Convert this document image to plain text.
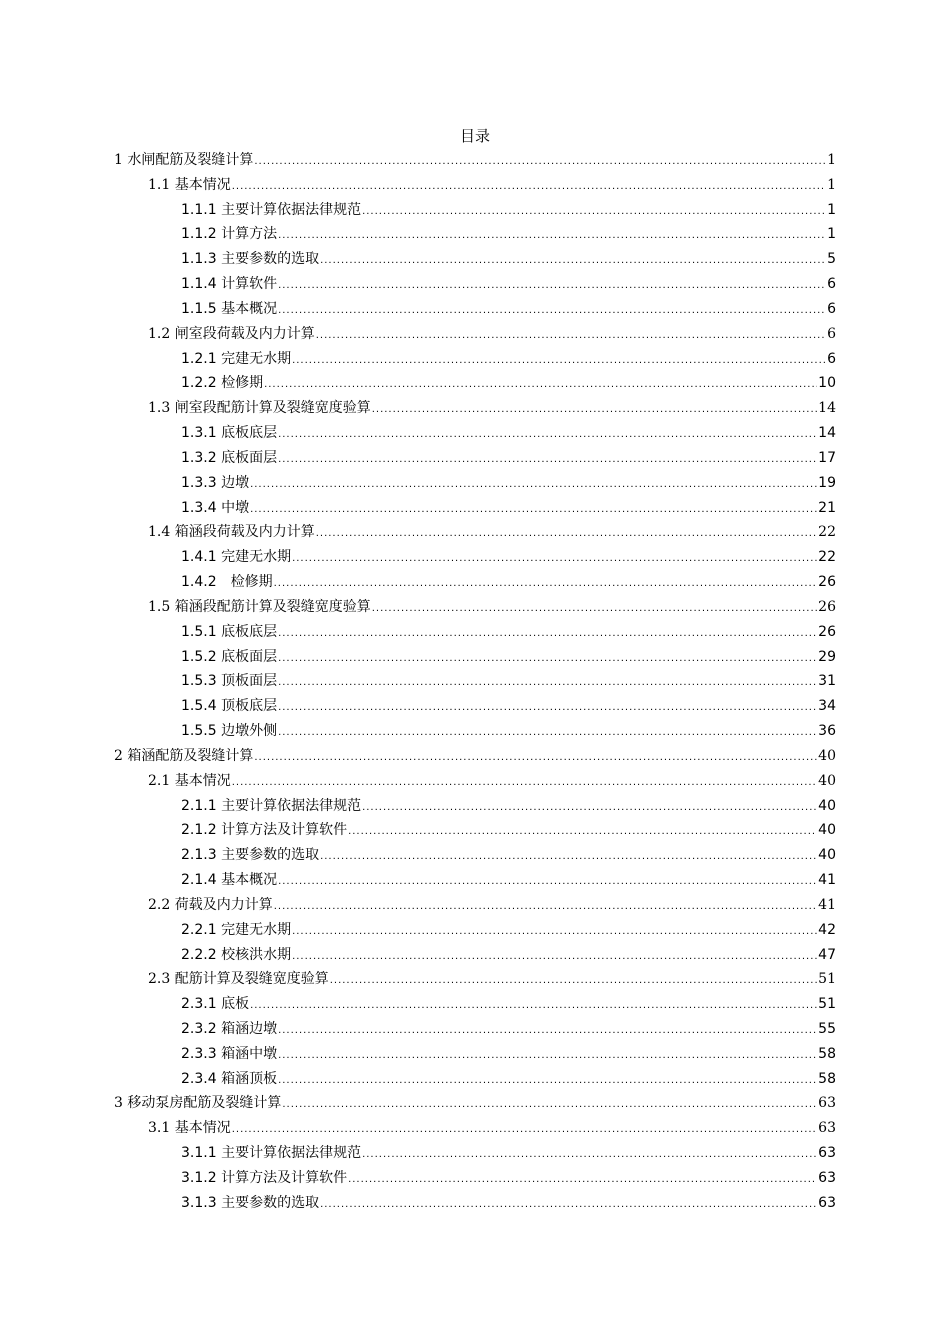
目录
1 水闸配筋及裂缝计算 .....	1
1.1 基本情况 .....	1
1.1.1 主要计算依据法律规范 .....	1
1.1.2 计算方法 .....	1
1.1.3 主要参数的选取 .....	5
1.1.4 计算软件 .....	6
1.1.5 基本概况 .....	6
1.2 闸室段荷载及内力计算 .....	6
1.2.1 完建无水期 .....	6
1.2.2 检修期 .....	10
1.3 闸室段配筋计算及裂缝宽度验算 .....	14
1.3.1 底板底层 .....	14
1.3.2 底板面层 .....	17
1.3.3 边墩 .....	19
1.3.4 中墩 .....	21
1.4 箱涵段荷载及内力计算 .....	22
1.4.1 完建无水期 .....	22
1.4.2　检修期 .....	26
1.5 箱涵段配筋计算及裂缝宽度验算 .....	26
1.5.1 底板底层 .....	26
1.5.2 底板面层 .....	29
1.5.3 顶板面层 .....	31
1.5.4 顶板底层 .....	34
1.5.5 边墩外侧 .....	36
2 箱涵配筋及裂缝计算 .....	40
2.1 基本情况 .....	40
2.1.1 主要计算依据法律规范 .....	40
2.1.2 计算方法及计算软件 .....	40
2.1.3 主要参数的选取 .....	40
2.1.4 基本概况 .....	41
2.2 荷载及内力计算 .....	41
2.2.1 完建无水期 .....	42
2.2.2 校核洪水期 .....	47
2.3 配筋计算及裂缝宽度验算 .....	51
2.3.1 底板 .....	51
2.3.2 箱涵边墩 .....	55
2.3.3 箱涵中墩 .....	58
2.3.4 箱涵顶板 .....	58
3 移动泵房配筋及裂缝计算 .....	63
3.1 基本情况 .....	63
3.1.1 主要计算依据法律规范 .....	63
3.1.2 计算方法及计算软件 .....	63
3.1.3 主要参数的选取 .....	63
